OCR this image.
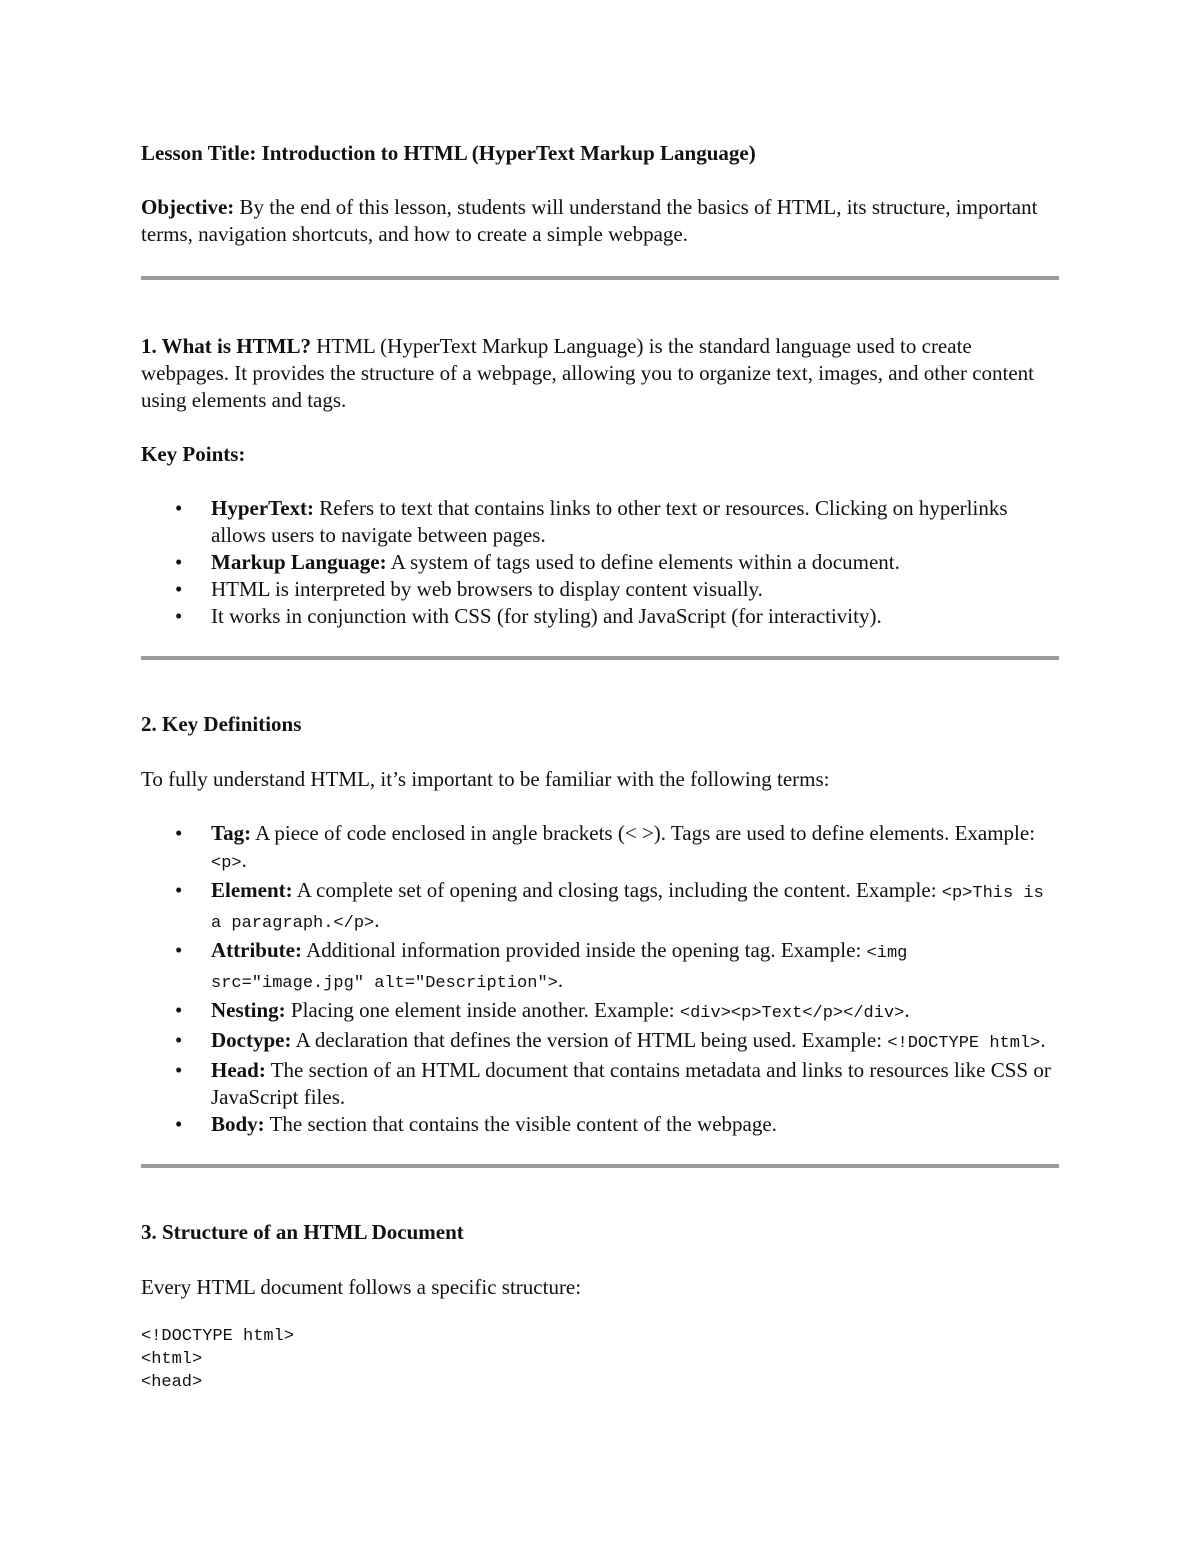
Lesson Title: Introduction to HTML (HyperText Markup Language)

Objective: By the end of this lesson, students will understand the basics of HTML, its structure, important terms, navigation shortcuts, and how to create a simple webpage.

1. What is HTML? HTML (HyperText Markup Language) is the standard language used to create webpages. It provides the structure of a webpage, allowing you to organize text, images, and other content using elements and tags.

Key Points:

• HyperText: Refers to text that contains links to other text or resources. Clicking on hyperlinks allows users to navigate between pages.
• Markup Language: A system of tags used to define elements within a document.
• HTML is interpreted by web browsers to display content visually.
• It works in conjunction with CSS (for styling) and JavaScript (for interactivity).

2. Key Definitions

To fully understand HTML, it’s important to be familiar with the following terms:

• Tag: A piece of code enclosed in angle brackets (< >). Tags are used to define elements. Example: <p>.
• Element: A complete set of opening and closing tags, including the content. Example: <p>This is a paragraph.</p>.
• Attribute: Additional information provided inside the opening tag. Example: <img src="image.jpg" alt="Description">.
• Nesting: Placing one element inside another. Example: <div><p>Text</p></div>.
• Doctype: A declaration that defines the version of HTML being used. Example: <!DOCTYPE html>.
• Head: The section of an HTML document that contains metadata and links to resources like CSS or JavaScript files.
• Body: The section that contains the visible content of the webpage.

3. Structure of an HTML Document

Every HTML document follows a specific structure:

<!DOCTYPE html>
<html>
<head>
